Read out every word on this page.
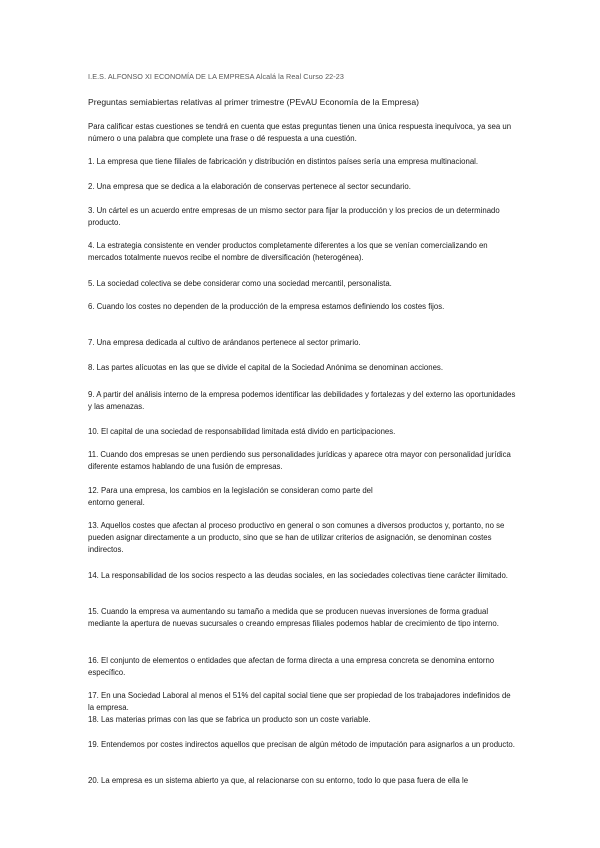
I.E.S. ALFONSO XI ECONOMÍA DE LA EMPRESA Alcalá la Real Curso 22-23
Preguntas semiabiertas relativas al primer trimestre (PEvAU Economía de la Empresa)
Para calificar estas cuestiones se tendrá en cuenta que estas preguntas tienen una única respuesta inequívoca, ya sea un número o una palabra que complete una frase o dé respuesta a una cuestión.
1. La empresa que tiene filiales de fabricación y distribución en distintos países sería una empresa multinacional.
2. Una empresa que se dedica a la elaboración de conservas pertenece al sector secundario.
3. Un cártel es un acuerdo entre empresas de un mismo sector para fijar la producción y los precios de un determinado producto.
4. La estrategia consistente en vender productos completamente diferentes a los que se venían comercializando en mercados totalmente nuevos recibe el nombre de diversificación (heterogénea).
5. La sociedad colectiva se debe considerar como una sociedad mercantil, personalista.
6. Cuando los costes no dependen de la producción de la empresa estamos definiendo los costes fijos.
7. Una empresa dedicada al cultivo de arándanos pertenece al sector primario.
8. Las partes alícuotas en las que se divide el capital de la Sociedad Anónima se denominan acciones.
9. A partir del análisis interno de la empresa podemos identificar las debilidades y fortalezas y del externo las oportunidades y las amenazas.
10. El capital de una sociedad de responsabilidad limitada está divido en participaciones.
11. Cuando dos empresas se unen perdiendo sus personalidades jurídicas y aparece otra mayor con personalidad jurídica diferente estamos hablando de una fusión de empresas.
12. Para una empresa, los cambios en la legislación se consideran como parte del
entorno general.
13. Aquellos costes que afectan al proceso productivo en general o son comunes a diversos productos y, portanto, no se pueden asignar directamente a un producto, sino que se han de utilizar criterios de asignación, se denominan costes indirectos.
14. La responsabilidad de los socios respecto a las deudas sociales, en las sociedades colectivas tiene carácter ilimitado.
15. Cuando la empresa va aumentando su tamaño a medida que se producen nuevas inversiones de forma gradual mediante la apertura de nuevas sucursales o creando empresas filiales podemos hablar de crecimiento de tipo interno.
16. El conjunto de elementos o entidades que afectan de forma directa a una empresa concreta se denomina entorno específico.
17. En una Sociedad Laboral al menos el 51% del capital social tiene que ser propiedad de los trabajadores indefinidos de la empresa.
18. Las materias primas con las que se fabrica un producto son un coste variable.
19. Entendemos por costes indirectos aquellos que precisan de algún método de imputación para asignarlos a un producto.
20. La empresa es un sistema abierto ya que, al relacionarse con su entorno, todo lo que pasa fuera de ella le
